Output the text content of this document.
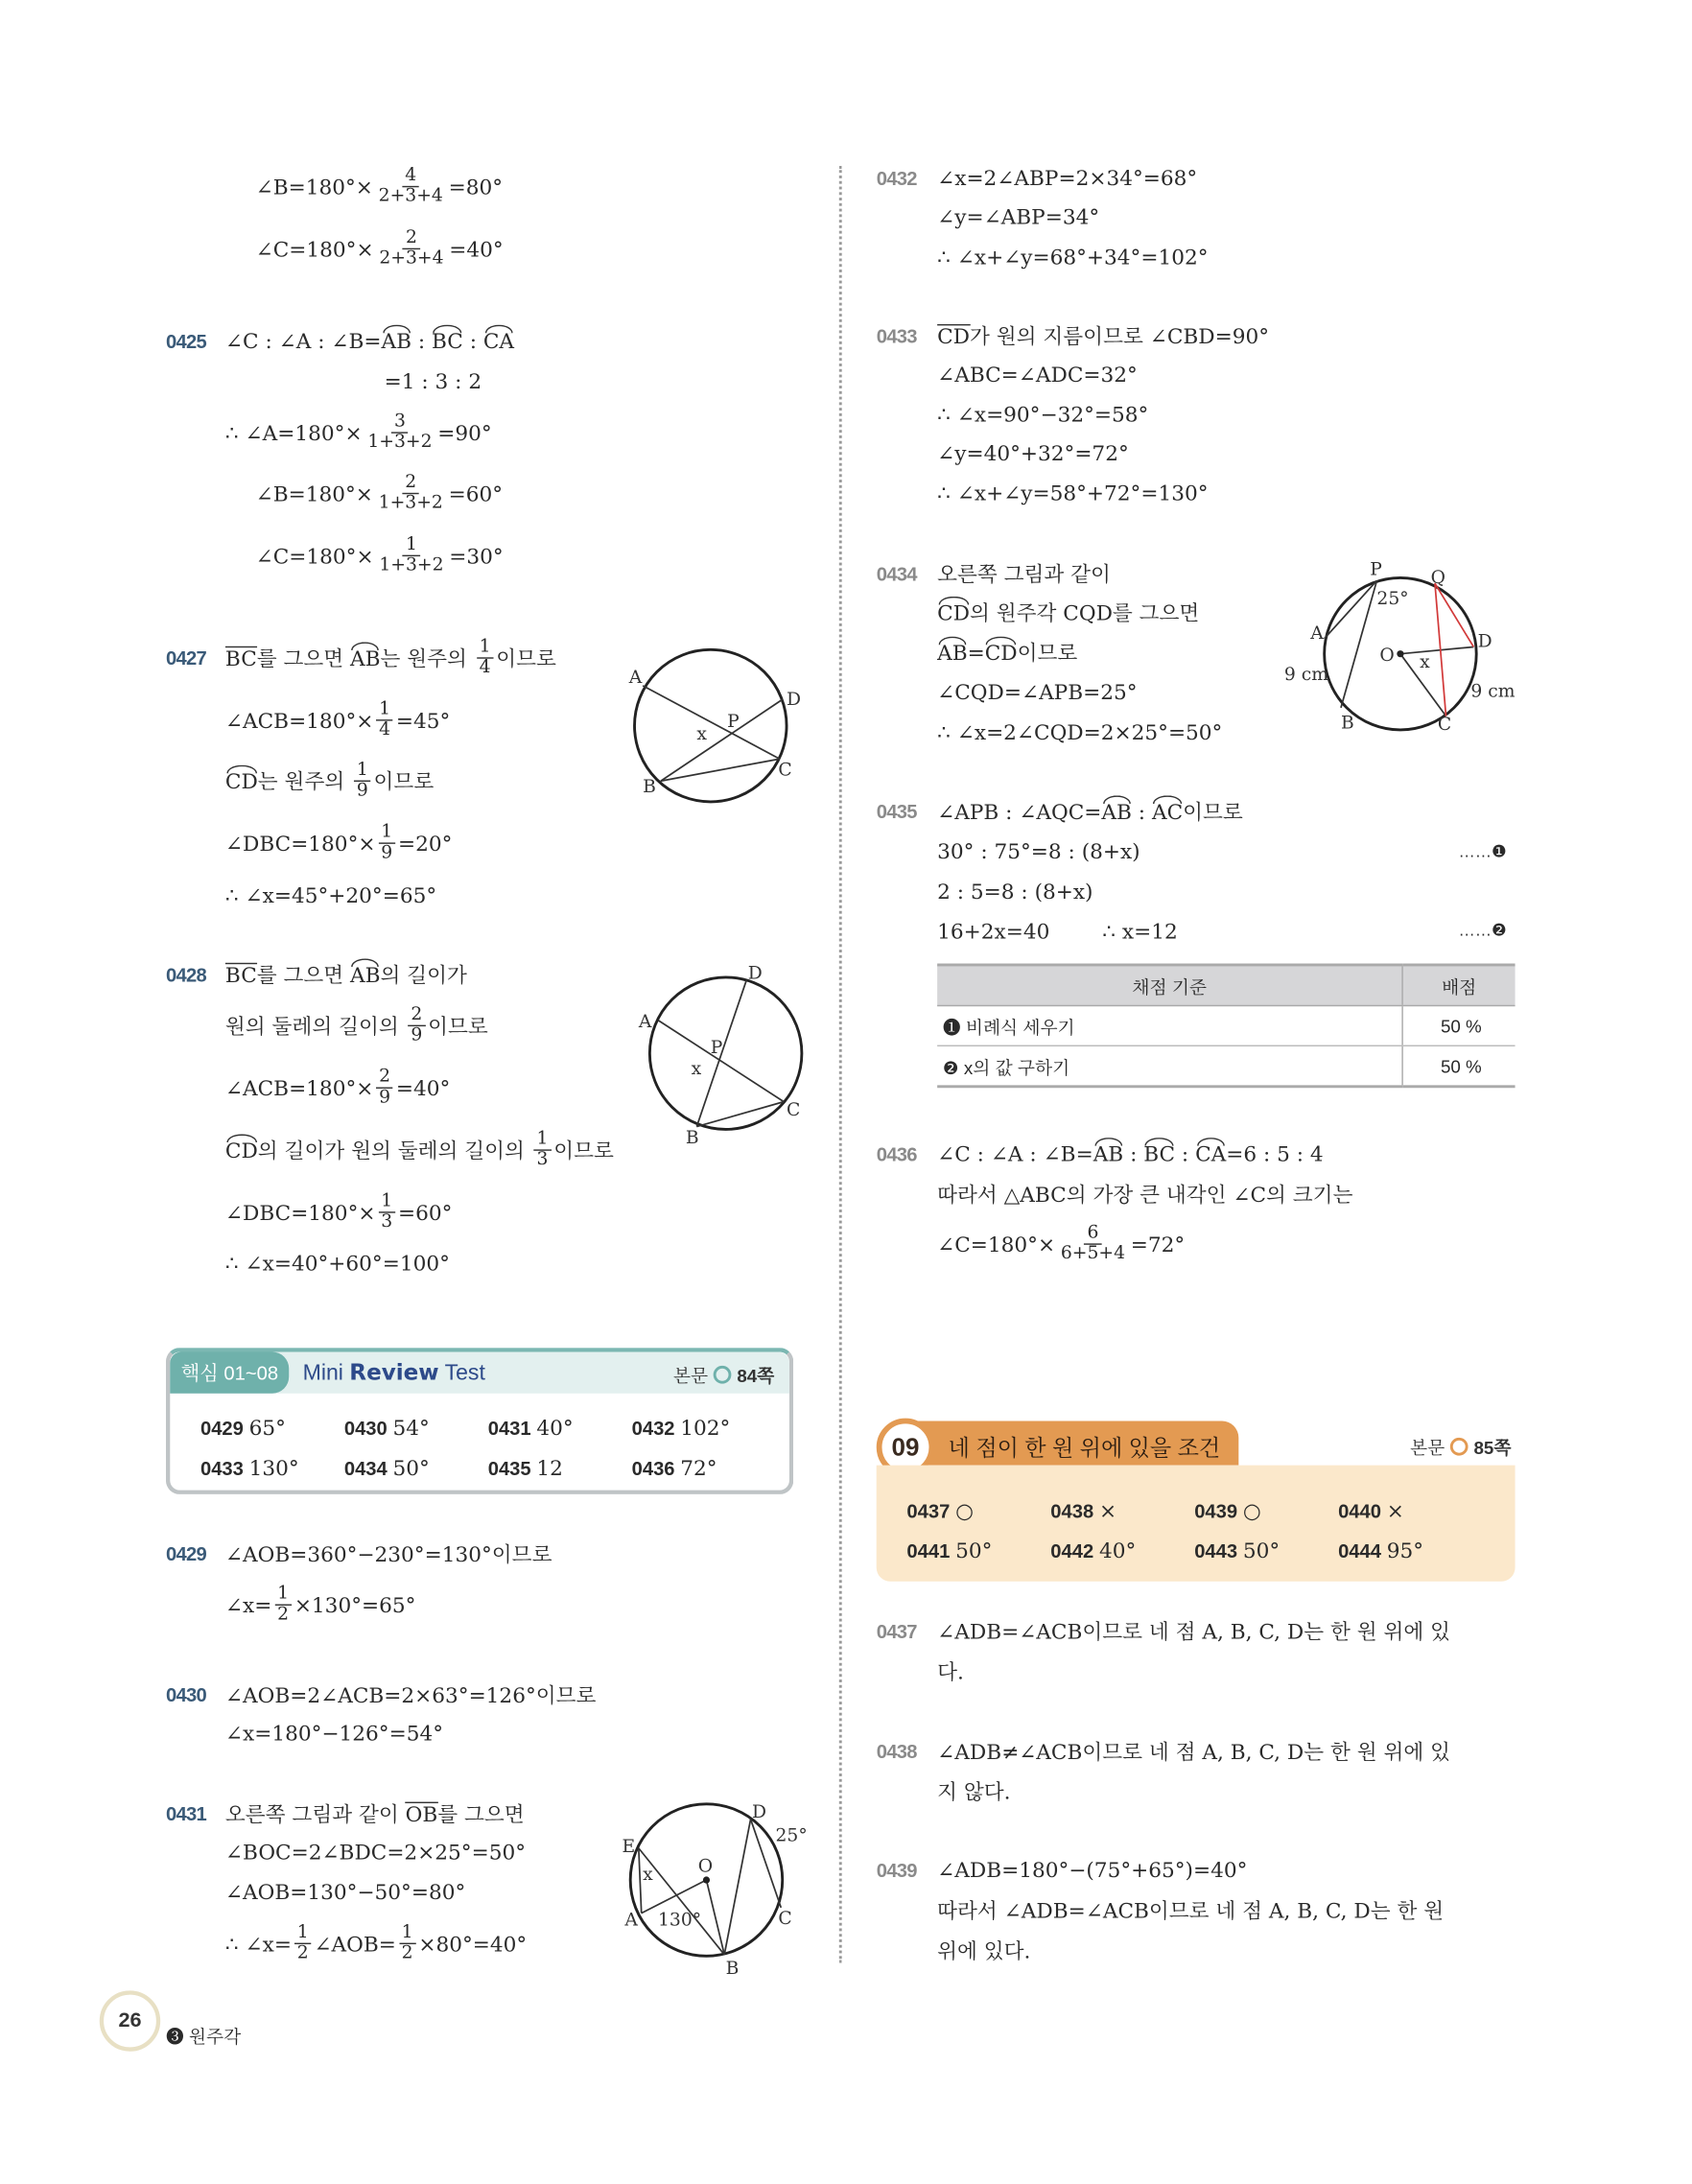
∠B=180°× $\frac{4}{2+3+4} =80^\circ$
∠C=180°× $\frac{2}{2+3+4} =40^\circ$
0425 ∠C : ∠A : ∠B= AB : BC : CA
=1 : 3 : 2
∴ ∠A=180°× $\frac{3}{1+3+2} =90^\circ$
∠B=180°× $\frac{2}{1+3+2} =60^\circ$
∠C=180°× $\frac{1}{1+3+2} =30^\circ$
0427 BC 를 그으면 AB 는 원주의 $\frac{1}{4}$ 이므로
∠ACB=180°× $\frac{1}{4} =45^\circ$
CD 는 원주의 $\frac{1}{9}$ 이므로
∠DBC=180°× $\frac{1}{9} =20^\circ$
∴ ∠x=45°+20°=65°
0428 BC 를 그으면 AB 의 길이가
원의 둘레의 길이의 $\frac{2}{9}$ 이므로
∠ACB=180°× $\frac{2}{9} =40^\circ$
CD 의 길이가 원의 둘레의 길이의 $\frac{1}{3}$ 이므로
∠DBC=180°× $\frac{1}{3} =60^\circ$
∴ ∠x=40°+60°=100°
0429 ∠AOB=360°−230°=130°이므로
∠x= $\frac{1}{2} \times 130^\circ=65^\circ$
0430 ∠AOB=2∠ACB=2×63°=126°이므로
∠x=180°−126°=54°
0431 오른쪽 그림과 같이 OB 를 그으면
∠BOC=2∠BDC=2×25°=50°
∠AOB=130°−50°=80°
∴ ∠x= $\frac{1}{2}$ ∠AOB= $\frac{1}{2} \times 80^\circ=40^\circ$
0432 ∠x=2∠ABP=2×34°=68°
∠y=∠ABP=34°
∴ ∠x+∠y=68°+34°=102°
0433 CD 가 원의 지름이므로 ∠CBD=90°
∠ABC=∠ADC=32°
∴ ∠x=90°−32°=58°
∠y=40°+32°=72°
∴ ∠x+∠y=58°+72°=130°
0434 오른쪽 그림과 같이
CD 의 원주각 CQD를 그으면
AB = CD 이므로
∠CQD=∠APB=25°
∴ ∠x=2∠CQD=2×25°=50°
0435 ∠APB : ∠AQC= AB : AC 이므로
30° : 75°=8 : (8+x)
2 : 5=8 : (8+x)
16+2x=40        ∴ x=12
0436 ∠C : ∠A : ∠B= AB : BC : CA =6 : 5 : 4
따라서 △ABC의 가장 큰 내각인 ∠C의 크기는
∠C=180°× $\frac{6}{6+5+4} =72^\circ$
0437 ∠ADB=∠ACB이므로 네 점 A, B, C, D는 한 원 위에 있
다.
0438 ∠ADB≠∠ACB이므로 네 점 A, B, C, D는 한 원 위에 있
지 않다.
0439 ∠ADB=180°−(75°+65°)=40°
따라서 ∠ADB=∠ACB이므로 네 점 A, B, C, D는 한 원
위에 있다.
……❶
……❷
채점 기준	배점
❶ 비례식 세우기	50 %
❷ x의 값 구하기	50 %
핵심 01~08	Mini Review Test	본문 84쪽
0429 65°	0430 54°	0431 40°	0432 102°
0433 130°	0434 50°	0435 12	0436 72°
09	네 점이 한 원 위에 있을 조건	본문 85쪽
0437 ○	0438 ×	0439 ○	0440 ×
0441 50°	0442 40°	0443 50°	0444 95°
A
B
C
D
P
x
A
B
C
D
P
x
A
B
C
D
E
O
x
130°
25°
P	Q
A
B	C
D
O x
25°
9 cm
9 cm
26
❸ 원주각
